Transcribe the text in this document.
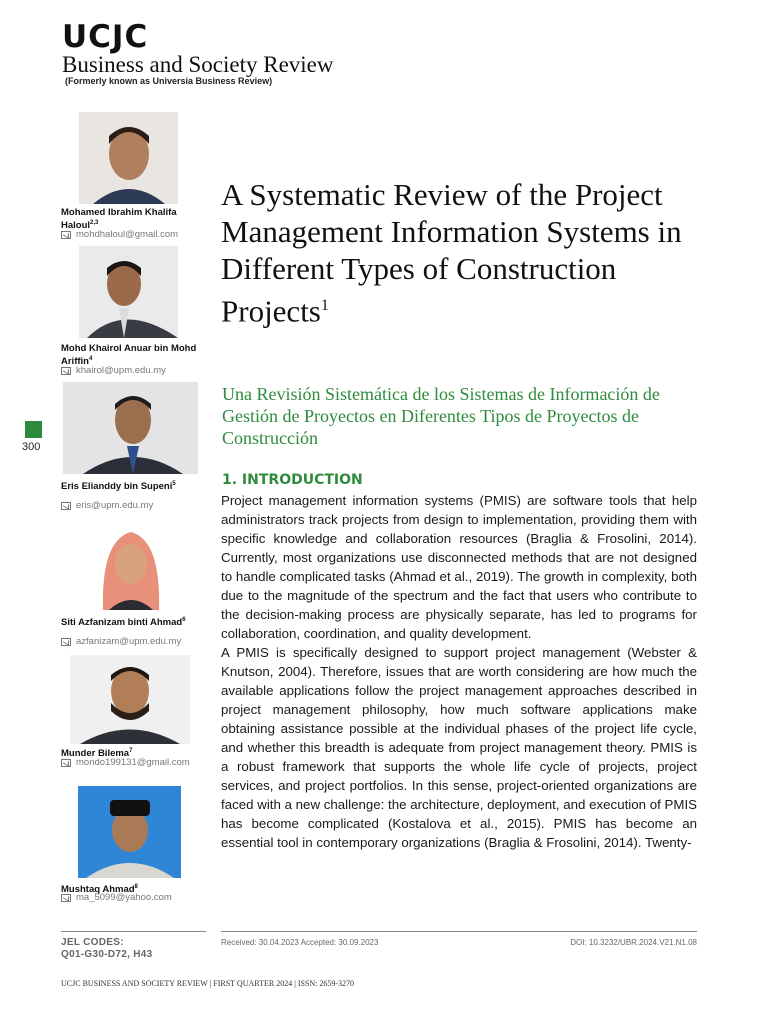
UCJC
Business and Society Review
(Formerly known as Universia Business Review)
300
Mohamed Ibrahim Khalifa Haloul$^{2,3}$
mohdhaloul@gmail.com
Mohd Khairol Anuar bin Mohd Ariffin$^4$
khairol@upm.edu.my
Eris Elianddy bin Supeni$^5$
eris@upm.edu.my
Siti Azfanizam binti Ahmad$^6$
azfanizam@upm.edu.my
Munder Bilema$^7$
mondo199131@gmail.com
Mushtaq Ahmad$^8$
ma_5099@yahoo.com
A Systematic Review of the Project Management Information Systems in Different Types of Construction Projects$^1$
Una Revisión Sistemática de los Sistemas de Información de Gestión de Proyectos en Diferentes Tipos de Proyectos de Construcción
1. INTRODUCTION

Project management information systems (PMIS) are software tools that help administrators track projects from design to implementation, providing them with specific knowledge and collaboration resources (Braglia & Frosolini, 2014). Currently, most organizations use disconnected methods that are not designed to handle complicated tasks (Ahmad et al., 2019). The growth in complexity, both due to the magnitude of the spectrum and the fact that users who contribute to the decision-making process are physically separate, has led to programs for collaboration, coordination, and quality development.

A PMIS is specifically designed to support project management (Webster & Knutson, 2004). Therefore, issues that are worth considering are how much the available applications follow the project management approaches described in project management philosophy, how much software applications make obtaining assistance possible at the individual phases of the project life cycle, and whether this breadth is adequate from project management theory. PMIS is a robust framework that supports the whole life cycle of projects, project services, and project portfolios. In this sense, project-oriented organizations are faced with a new challenge: the architecture, deployment, and execution of PMIS has become complicated (Kostalova et al., 2015). PMIS has become an essential tool in contemporary organizations (Braglia & Frosolini, 2014). Twenty-

JEL CODES:
Q01-G30-D72, H43
Received: 30.04.2023 Accepted: 30.09.2023	DOI: 10.3232/UBR.2024.V21.N1.08
UCJC BUSINESS AND SOCIETY REVIEW | FIRST QUARTER 2024 | ISSN: 2659-3270
